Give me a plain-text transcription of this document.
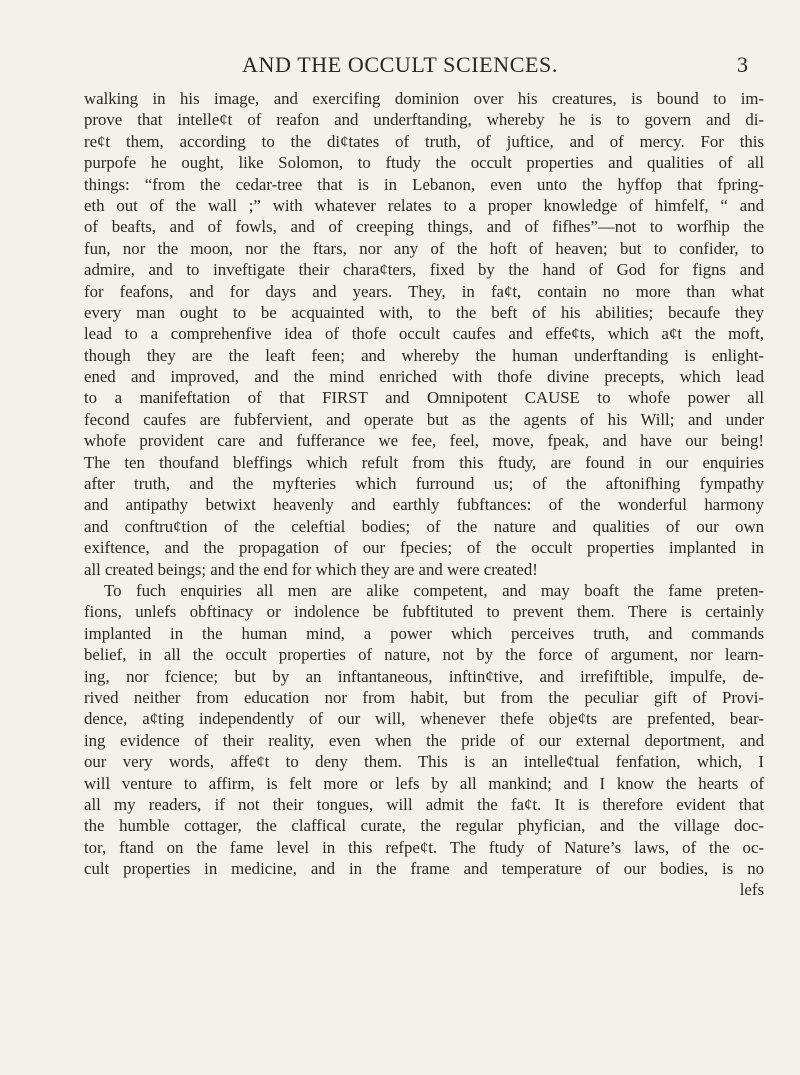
AND THE OCCULT SCIENCES.	3
walking in his image, and exercifing dominion over his creatures, is bound to im-
prove that intelle¢t of reafon and underftanding, whereby he is to govern and di-
re¢t them, according to the di¢tates of truth, of juftice, and of mercy. For this
purpofe he ought, like Solomon, to ftudy the occult properties and qualities of all
things: “from the cedar-tree that is in Lebanon, even unto the hyffop that fpring-
eth out of the wall ;” with whatever relates to a proper knowledge of himfelf, “ and
of beafts, and of fowls, and of creeping things, and of fifhes”—not to worfhip the
fun, nor the moon, nor the ftars, nor any of the hoft of heaven; but to confider, to
admire, and to inveftigate their chara¢ters, fixed by the hand of God for figns and
for feafons, and for days and years. They, in fa¢t, contain no more than what
every man ought to be acquainted with, to the beft of his abilities; becaufe they
lead to a comprehenfive idea of thofe occult caufes and effe¢ts, which a¢t the moft,
though they are the leaft feen; and whereby the human underftanding is enlight-
ened and improved, and the mind enriched with thofe divine precepts, which lead
to a manifeftation of that FIRST and Omnipotent CAUSE to whofe power all
fecond caufes are fubfervient, and operate but as the agents of his Will; and under
whofe provident care and fufferance we fee, feel, move, fpeak, and have our being!
The ten thoufand bleffings which refult from this ftudy, are found in our enquiries
after truth, and the myfteries which furround us; of the aftonifhing fympathy
and antipathy betwixt heavenly and earthly fubftances: of the wonderful harmony
and conftru¢tion of the celeftial bodies; of the nature and qualities of our own
exiftence, and the propagation of our fpecies; of the occult properties implanted in
all created beings; and the end for which they are and were created!
To fuch enquiries all men are alike competent, and may boaft the fame preten-
fions, unlefs obftinacy or indolence be fubftituted to prevent them. There is certainly
implanted in the human mind, a power which perceives truth, and commands
belief, in all the occult properties of nature, not by the force of argument, nor learn-
ing, nor fcience; but by an inftantaneous, inftin¢tive, and irrefiftible, impulfe, de-
rived neither from education nor from habit, but from the peculiar gift of Provi-
dence, a¢ting independently of our will, whenever thefe obje¢ts are prefented, bear-
ing evidence of their reality, even when the pride of our external deportment, and
our very words, affe¢t to deny them. This is an intelle¢tual fenfation, which, I
will venture to affirm, is felt more or lefs by all mankind; and I know the hearts of
all my readers, if not their tongues, will admit the fa¢t. It is therefore evident that
the humble cottager, the claffical curate, the regular phyfician, and the village doc-
tor, ftand on the fame level in this refpe¢t. The ftudy of Nature’s laws, of the oc-
cult properties in medicine, and in the frame and temperature of our bodies, is no
lefs
